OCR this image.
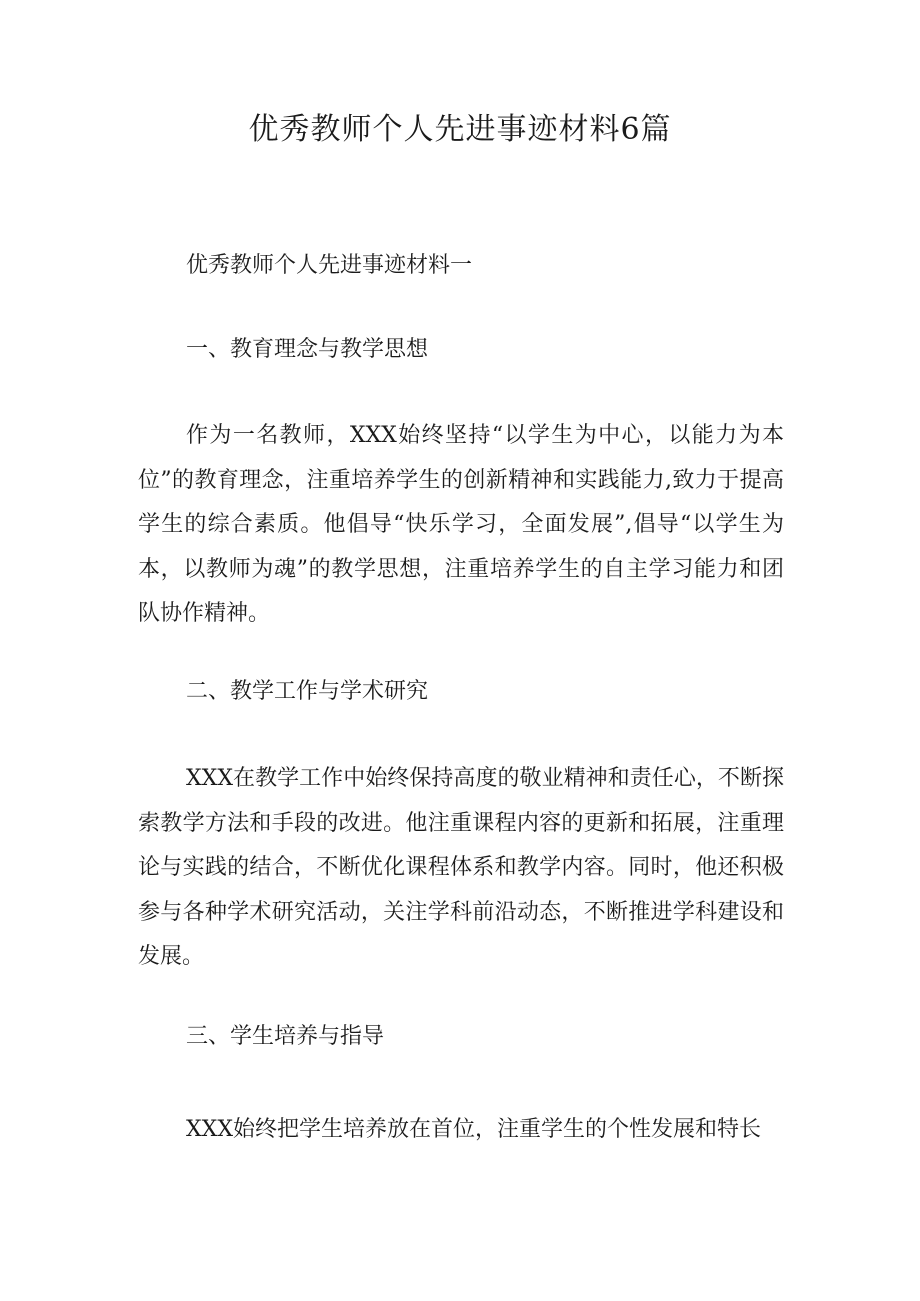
优秀教师个人先进事迹材料6篇

优秀教师个人先进事迹材料一

一、教育理念与教学思想

作为一名教师，XXX始终坚持“以学生为中心，以能力为本位”的教育理念，注重培养学生的创新精神和实践能力,致力于提高学生的综合素质。他倡导“快乐学习，全面发展”,倡导“以学生为本，以教师为魂”的教学思想，注重培养学生的自主学习能力和团队协作精神。

二、教学工作与学术研究

XXX在教学工作中始终保持高度的敬业精神和责任心，不断探索教学方法和手段的改进。他注重课程内容的更新和拓展，注重理论与实践的结合，不断优化课程体系和教学内容。同时，他还积极参与各种学术研究活动，关注学科前沿动态，不断推进学科建设和发展。

三、学生培养与指导

XXX始终把学生培养放在首位，注重学生的个性发展和特长
